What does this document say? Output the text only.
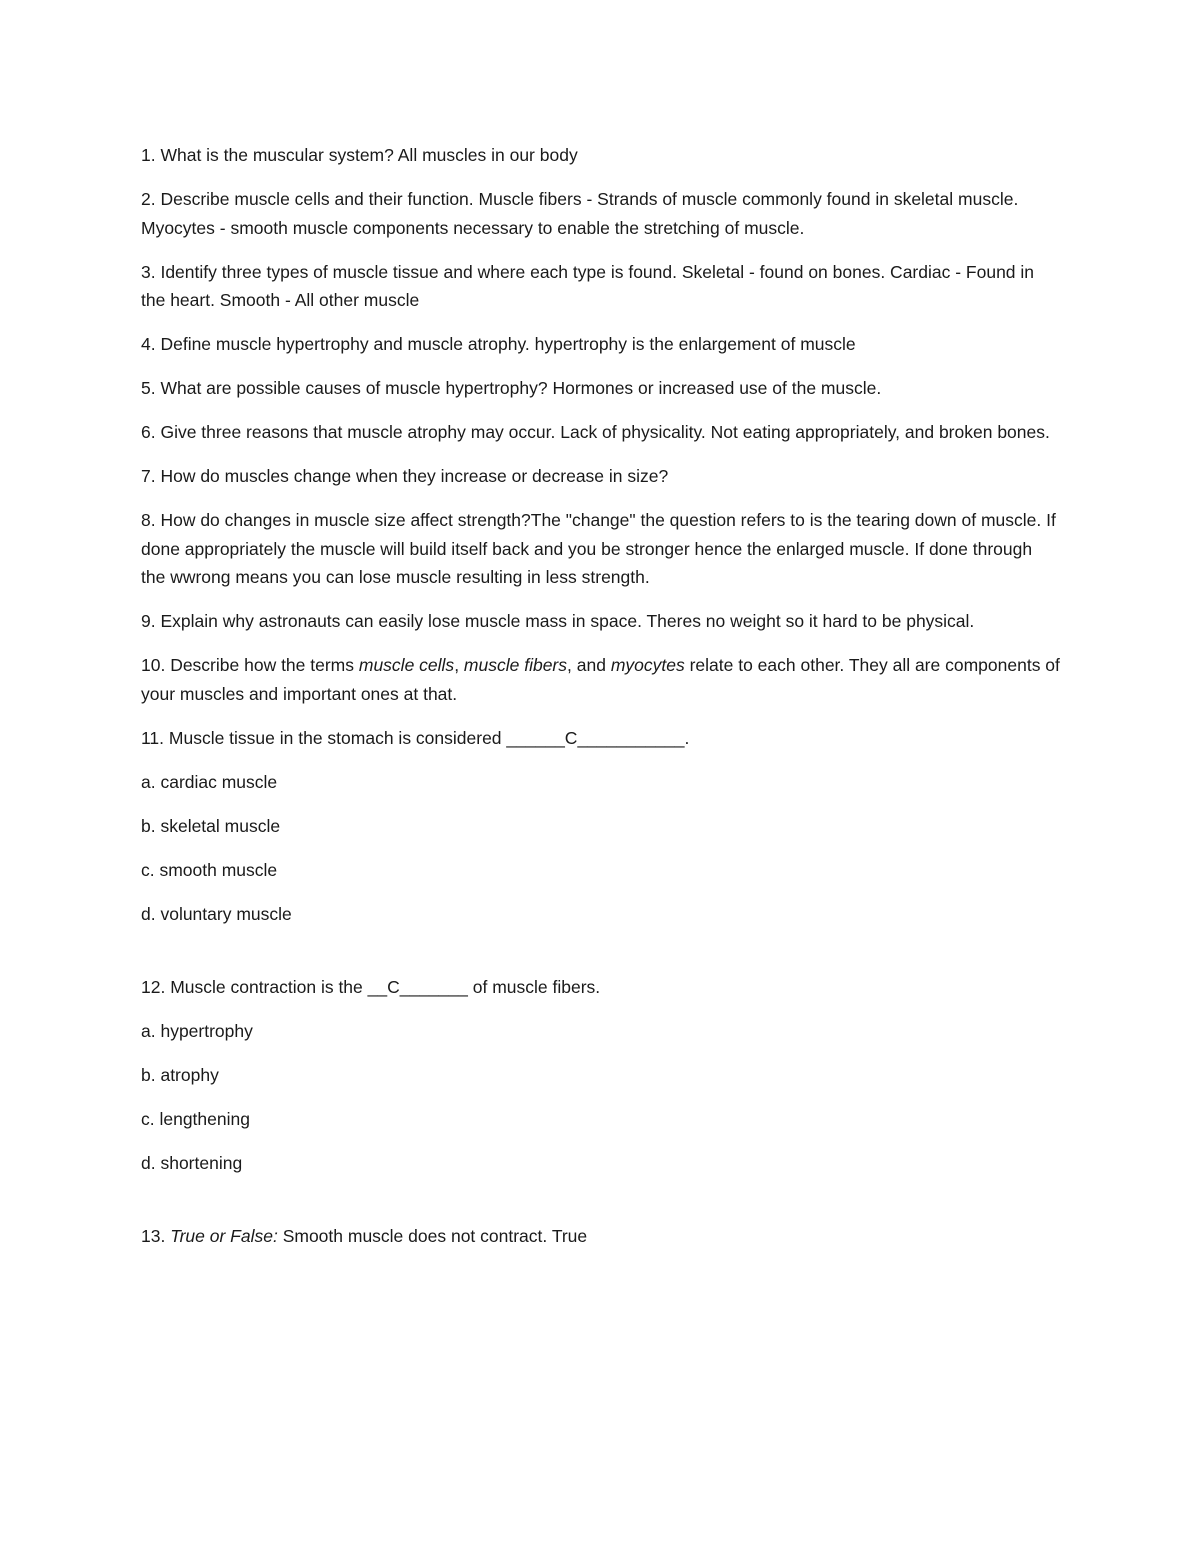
1. What is the muscular system? All muscles in our body

2. Describe muscle cells and their function. Muscle fibers - Strands of muscle commonly found in skeletal muscle. Myocytes - smooth muscle components necessary to enable the stretching of muscle.

3. Identify three types of muscle tissue and where each type is found. Skeletal - found on bones. Cardiac - Found in the heart. Smooth - All other muscle

4. Define muscle hypertrophy and muscle atrophy. hypertrophy is the enlargement of muscle

5. What are possible causes of muscle hypertrophy? Hormones or increased use of the muscle.

6. Give three reasons that muscle atrophy may occur. Lack of physicality. Not eating appropriately, and broken bones.

7. How do muscles change when they increase or decrease in size?

8. How do changes in muscle size affect strength?The "change" the question refers to is the tearing down of muscle. If done appropriately the muscle will build itself back and you be stronger hence the enlarged muscle. If done through the wwrong means you can lose muscle resulting in less strength.

9. Explain why astronauts can easily lose muscle mass in space. Theres no weight so it hard to be physical.

10. Describe how the terms muscle cells, muscle fibers, and myocytes relate to each other. They all are components of your muscles and important ones at that.

11. Muscle tissue in the stomach is considered ______C___________.

a. cardiac muscle

b. skeletal muscle

c. smooth muscle

d. voluntary muscle

12. Muscle contraction is the __C_______ of muscle fibers.

a. hypertrophy

b. atrophy

c. lengthening

d. shortening

13. True or False: Smooth muscle does not contract. True
